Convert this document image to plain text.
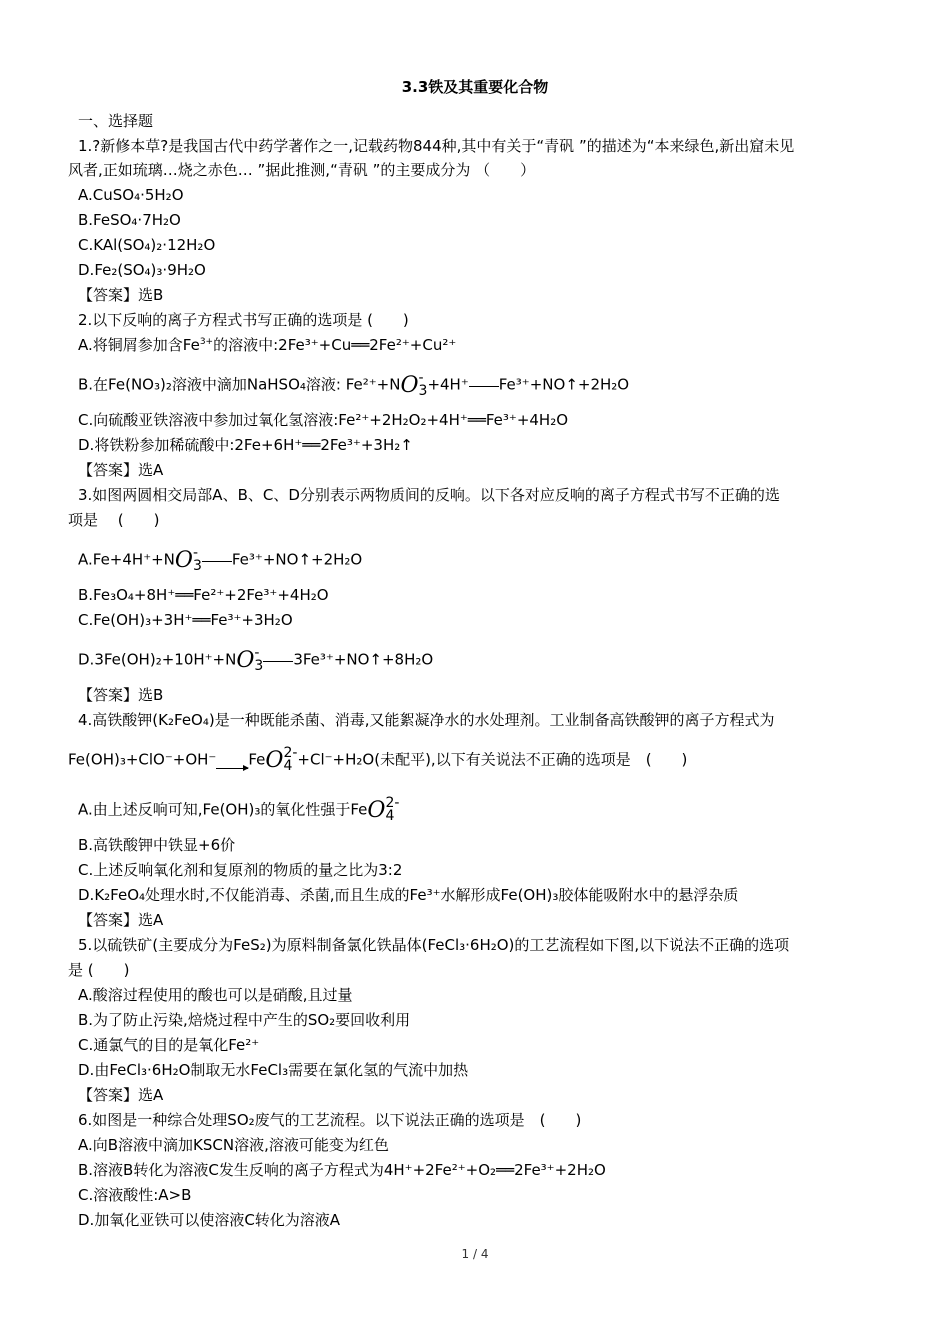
3.3铁及其重要化合物
一、选择题
1.?新修本草?是我国古代中药学著作之一,记载药物844种,其中有关于“青矾 ”的描述为“本来绿色,新出窟未见
风者,正如琉璃…烧之赤色… ”据此推测,“青矾 ”的主要成分为 （　　）
A.CuSO₄·5H₂O
B.FeSO₄·7H₂O
C.KAl(SO₄)₂·12H₂O
D.Fe₂(SO₄)₃·9H₂O
【答案】选B
2.以下反响的离子方程式书写正确的选项是 (　　)
A.将铜屑参加含$Fe^{3+}$的溶液中:2Fe³⁺+Cu══2Fe²⁺+Cu²⁺
B.在Fe(NO₃)₂溶液中滴加NaHSO₄溶液: Fe²⁺+NO -
3 +4H⁺ Fe³⁺+NO↑+2H₂O
C.向硫酸亚铁溶液中参加过氧化氢溶液:Fe²⁺+2H₂O₂+4H⁺══Fe³⁺+4H₂O
D.将铁粉参加稀硫酸中:2Fe+6H⁺══2Fe³⁺+3H₂↑
【答案】选A
3.如图两圆相交局部A、B、C、D分别表示两物质间的反响。以下各对应反响的离子方程式书写不正确的选
项是　 (　　)
A.Fe+4H⁺+NO -
3 Fe³⁺+NO↑+2H₂O
B.Fe₃O₄+8H⁺══Fe²⁺+2Fe³⁺+4H₂O
C.Fe(OH)₃+3H⁺══Fe³⁺+3H₂O
D.3Fe(OH)₂+10H⁺+NO -
3 3Fe³⁺+NO↑+8H₂O
【答案】选B
4.高铁酸钾(K₂FeO₄)是一种既能杀菌、消毒,又能絮凝净水的水处理剂。工业制备高铁酸钾的离子方程式为
Fe(OH)₃+ClO⁻+OH⁻ FeO 2-
4 +Cl⁻+H₂O(未配平),以下有关说法不正确的选项是　(　　)
A.由上述反响可知,Fe(OH)₃的氧化性强于FeO 2-
4
B.高铁酸钾中铁显+6价
C.上述反响氧化剂和复原剂的物质的量之比为3:2
D.K₂FeO₄处理水时,不仅能消毒、杀菌,而且生成的Fe³⁺水解形成Fe(OH)₃胶体能吸附水中的悬浮杂质
【答案】选A
5.以硫铁矿(主要成分为FeS₂)为原料制备氯化铁晶体(FeCl₃·6H₂O)的工艺流程如下图,以下说法不正确的选项
是 (　　)
A.酸溶过程使用的酸也可以是硝酸,且过量
B.为了防止污染,焙烧过程中产生的SO₂要回收利用
C.通氯气的目的是氧化Fe²⁺
D.由FeCl₃·6H₂O制取无水FeCl₃需要在氯化氢的气流中加热
【答案】选A
6.如图是一种综合处理SO₂废气的工艺流程。以下说法正确的选项是　(　　)
A.向B溶液中滴加KSCN溶液,溶液可能变为红色
B.溶液B转化为溶液C发生反响的离子方程式为4H⁺+2Fe²⁺+O₂══2Fe³⁺+2H₂O
C.溶液酸性:A>B
D.加氧化亚铁可以使溶液C转化为溶液A
1 / 4
